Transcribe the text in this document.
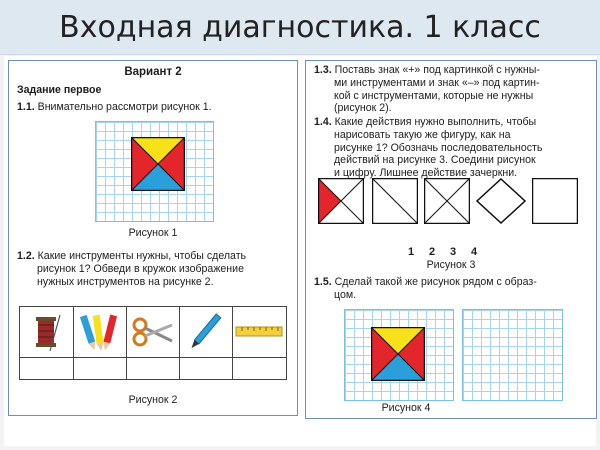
Входная диагностика. 1 класс
Вариант 2
Задание первое
1.1. Внимательно рассмотри рисунок 1.
Рисунок 1
1.2. Какие инструменты нужны, чтобы сделать
рисунок 1? Обведи в кружок изображение
нужных инструментов на рисунке 2.
Рисунок 2
1.3. Поставь знак «+» под картинкой с нужны-
ми инструментами и знак «–» под картин-
кой с инструментами, которые не нужны
(рисунок 2).
1.4. Какие действия нужно выполнить, чтобы
нарисовать такую же фигуру, как на
рисунке 1? Обозначь последовательность
действий на рисунке 3. Соедини рисунок
и цифру. Лишнее действие зачеркни.
1 2 3 4
Рисунок 3
1.5. Сделай такой же рисунок рядом с образ-
цом.
Рисунок 4
